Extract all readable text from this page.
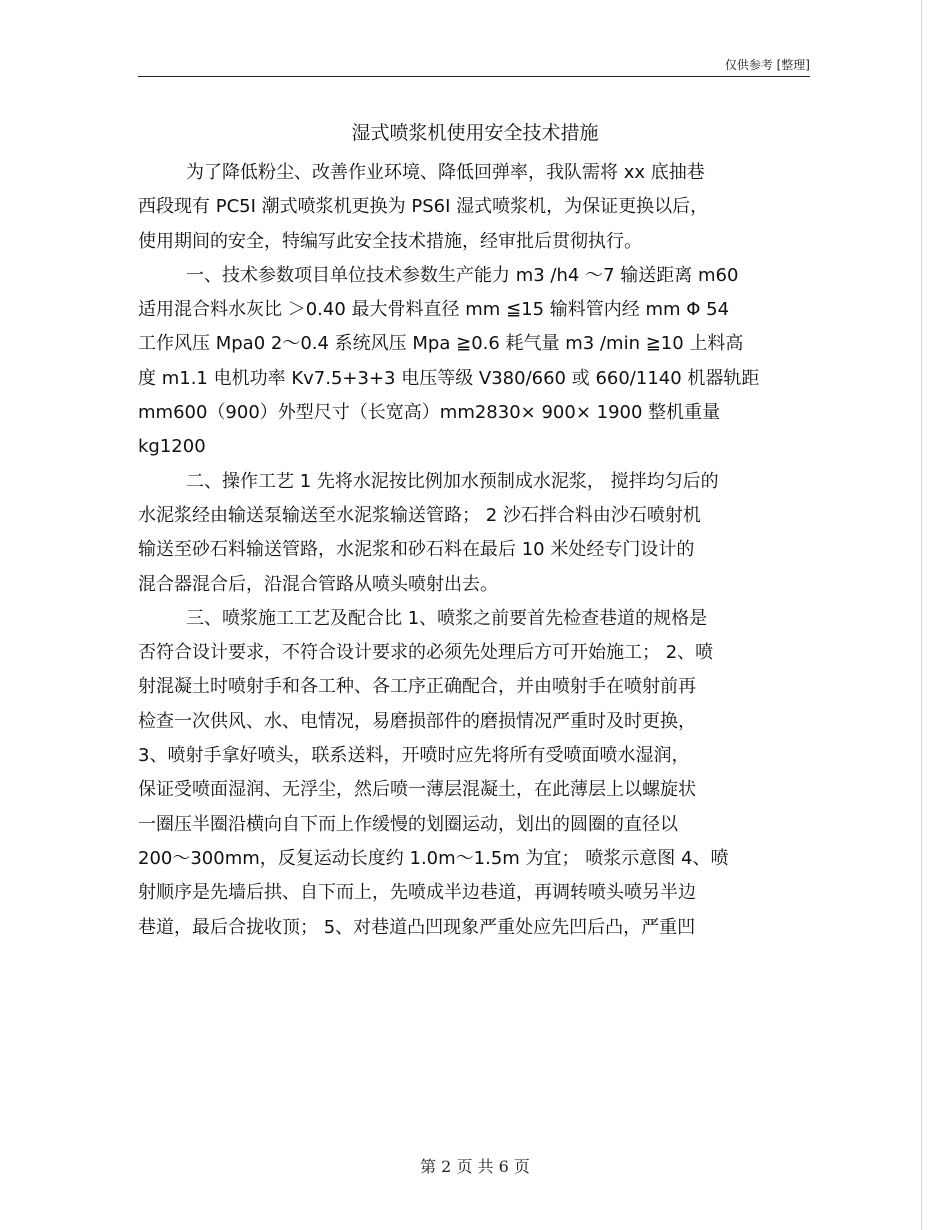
仅供参考 [整理]
湿式喷浆机使用安全技术措施
为了降低粉尘、改善作业环境、降低回弹率，我队需将 xx 底抽巷
西段现有 PC5I 潮式喷浆机更换为 PS6I 湿式喷浆机，为保证更换以后，
使用期间的安全，特编写此安全技术措施，经审批后贯彻执行。
一、技术参数项目单位技术参数生产能力 m3 /h4 ～7 输送距离 m60
适用混合料水灰比 ＞0.40 最大骨料直径 mm ≦15 输料管内经 mm Φ 54
工作风压 Mpa0 2～0.4 系统风压 Mpa ≧0.6 耗气量 m3 /min ≧10 上料高
度 m1.1 电机功率 Kv7.5+3+3 电压等级 V380/660 或 660/1140 机器轨距
mm600（900）外型尺寸（长宽高）mm2830× 900× 1900 整机重量
kg1200
二、操作工艺 1 先将水泥按比例加水预制成水泥浆， 搅拌均匀后的
水泥浆经由输送泵输送至水泥浆输送管路； 2 沙石拌合料由沙石喷射机
输送至砂石料输送管路，水泥浆和砂石料在最后 10 米处经专门设计的
混合器混合后，沿混合管路从喷头喷射出去。
三、喷浆施工工艺及配合比 1、喷浆之前要首先检查巷道的规格是
否符合设计要求，不符合设计要求的必须先处理后方可开始施工； 2、喷
射混凝土时喷射手和各工种、各工序正确配合，并由喷射手在喷射前再
检查一次供风、水、电情况，易磨损部件的磨损情况严重时及时更换，
3、喷射手拿好喷头，联系送料，开喷时应先将所有受喷面喷水湿润，
保证受喷面湿润、无浮尘，然后喷一薄层混凝土，在此薄层上以螺旋状
一圈压半圈沿横向自下而上作缓慢的划圈运动，划出的圆圈的直径以
200～300mm，反复运动长度约 1.0m～1.5m 为宜； 喷浆示意图 4、喷
射顺序是先墙后拱、自下而上，先喷成半边巷道，再调转喷头喷另半边
巷道，最后合拢收顶； 5、对巷道凸凹现象严重处应先凹后凸，严重凹
第 2 页 共 6 页
